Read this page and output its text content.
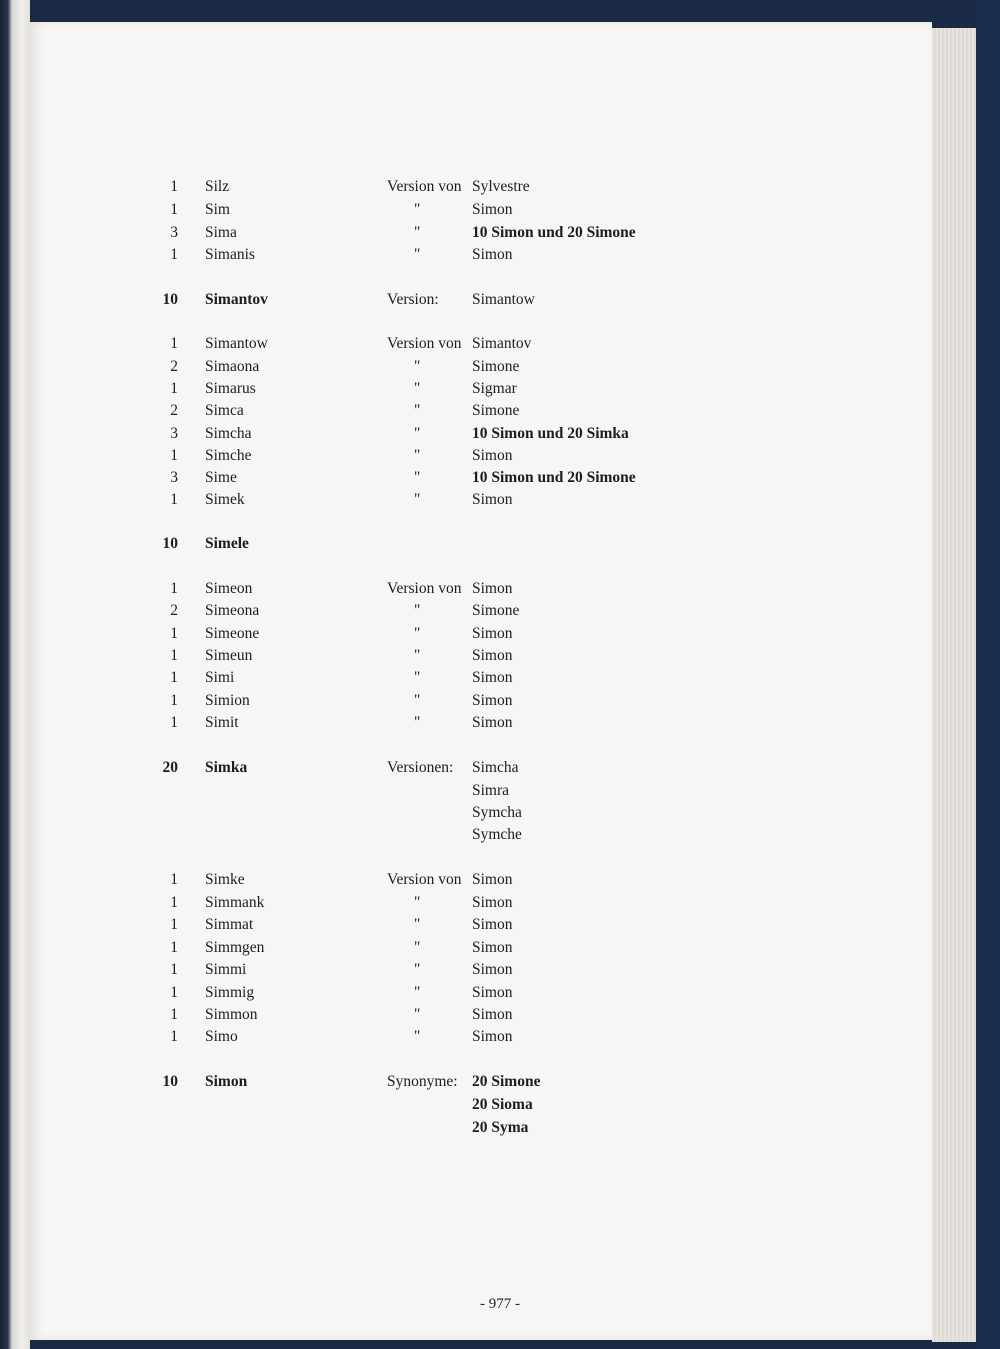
1 Silz	Version von Sylvestre
1 Sim	"	Simon
3 Sima	"	10 Simon und 20 Simone
1 Simanis	"	Simon
10 Simantov	Version: Simantow
1 Simantow	Version von Simantov
2 Simaona	"	Simone
1 Simarus	"	Sigmar
2 Simca	"	Simone
3 Simcha	"	10 Simon und 20 Simka
1 Simche	"	Simon
3 Sime	"	10 Simon und 20 Simone
1 Simek	"	Simon
10 Simele
1 Simeon	Version von Simon
2 Simeona	"	Simone
1 Simeone	"	Simon
1 Simeun	"	Simon
1 Simi	"	Simon
1 Simion	"	Simon
1 Simit	"	Simon
20 Simka	Versionen: Simcha
Simra
Symcha
Symche
1 Simke	Version von Simon
1 Simmank	"	Simon
1 Simmat	"	Simon
1 Simmgen	"	Simon
1 Simmi	"	Simon
1 Simmig	"	Simon
1 Simmon	"	Simon
1 Simo	"	Simon
10 Simon	Synonyme: 20 Simone
20 Sioma
20 Syma
- 977 -
